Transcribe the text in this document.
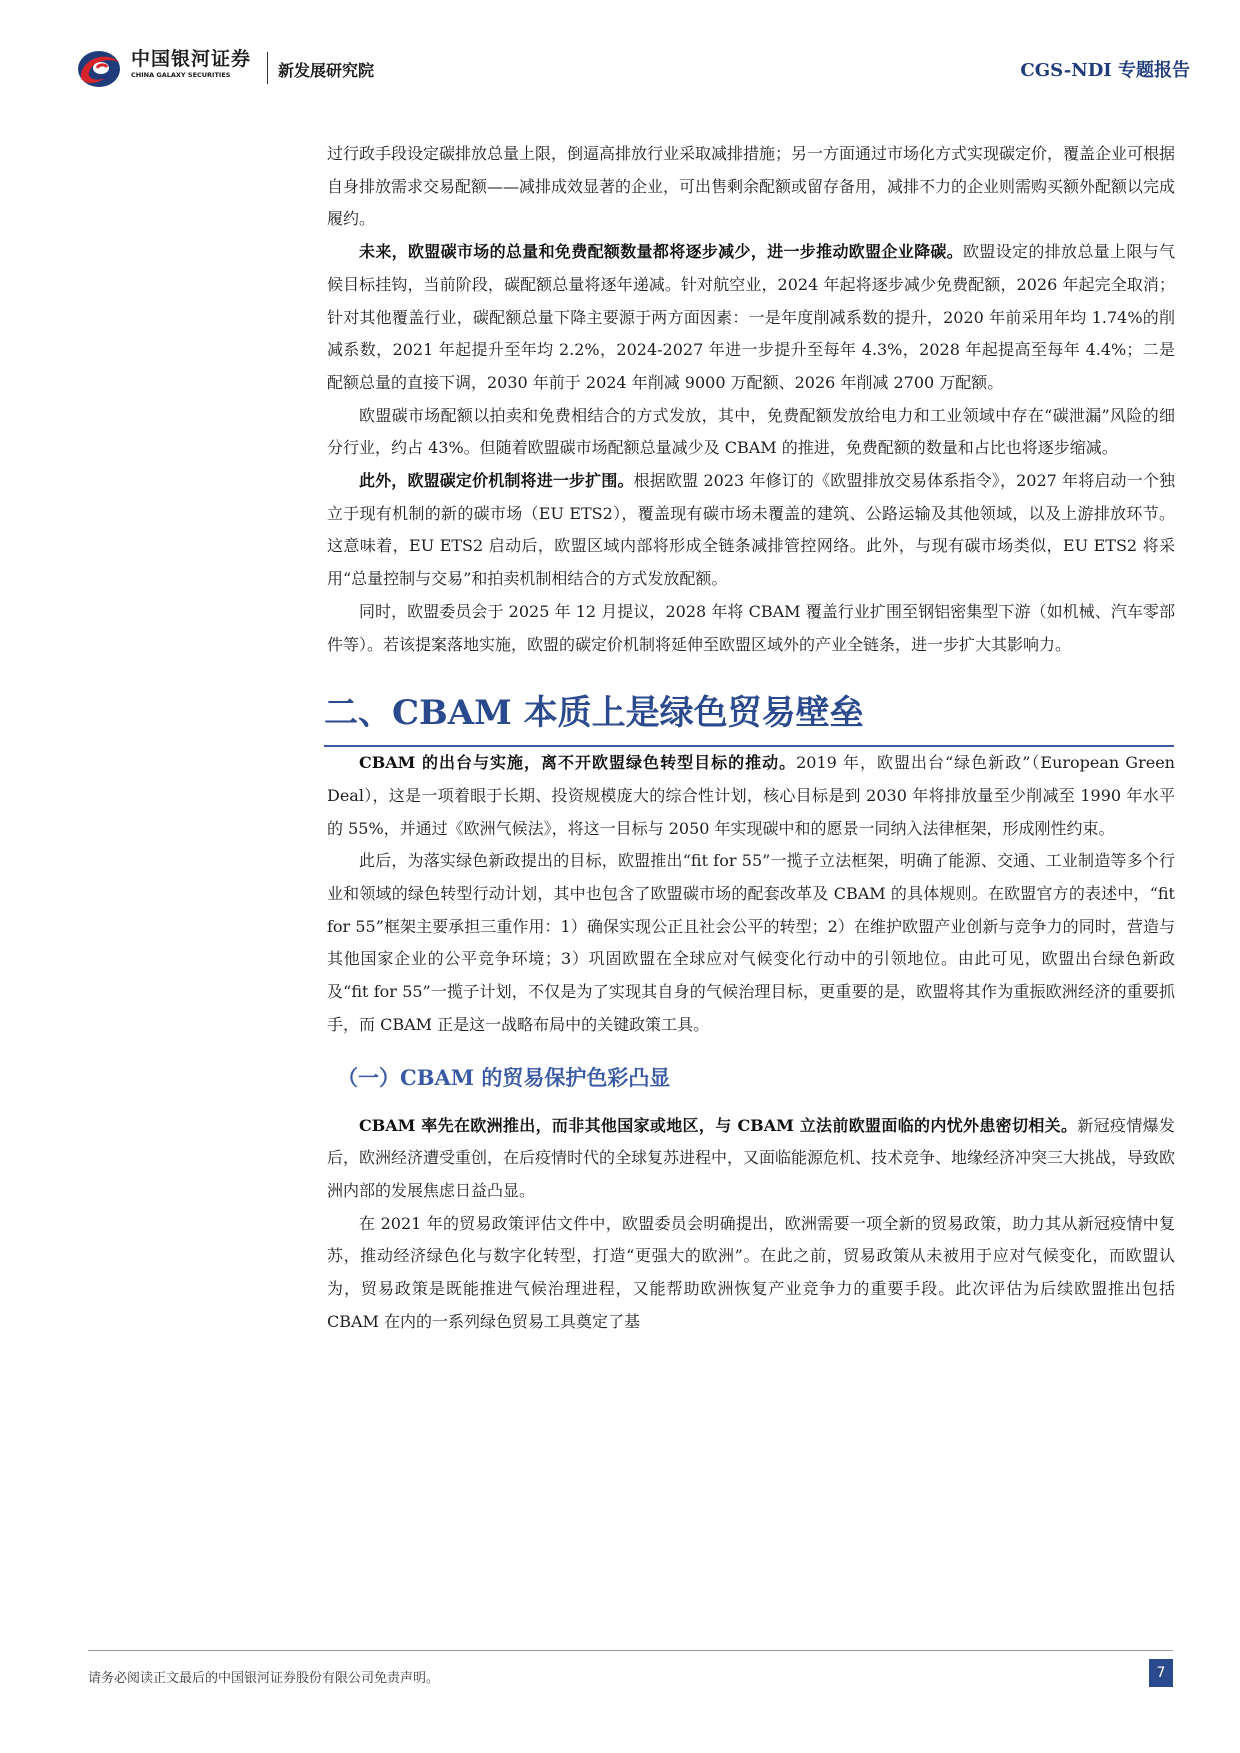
中国银河证券
CHINA GALAXY SECURITIES	新发展研究院	CGS-NDI 专题报告

过行政手段设定碳排放总量上限，倒逼高排放行业采取减排措施；另一方面通过市场化方式实现碳定价，覆盖企业可根据自身排放需求交易配额——减排成效显著的企业，可出售剩余配额或留存备用，减排不力的企业则需购买额外配额以完成履约。

未来，欧盟碳市场的总量和免费配额数量都将逐步减少，进一步推动欧盟企业降碳。欧盟设定的排放总量上限与气候目标挂钩，当前阶段，碳配额总量将逐年递减。针对航空业，2024 年起将逐步减少免费配额，2026 年起完全取消；针对其他覆盖行业，碳配额总量下降主要源于两方面因素：一是年度削减系数的提升，2020 年前采用年均 1.74%的削减系数，2021 年起提升至年均 2.2%，2024-2027 年进一步提升至每年 4.3%，2028 年起提高至每年 4.4%；二是配额总量的直接下调，2030 年前于 2024 年削减 9000 万配额、2026 年削减 2700 万配额。

欧盟碳市场配额以拍卖和免费相结合的方式发放，其中，免费配额发放给电力和工业领域中存在“碳泄漏”风险的细分行业，约占 43%。但随着欧盟碳市场配额总量减少及 CBAM 的推进，免费配额的数量和占比也将逐步缩减。

此外，欧盟碳定价机制将进一步扩围。根据欧盟 2023 年修订的《欧盟排放交易体系指令》，2027 年将启动一个独立于现有机制的新的碳市场（EU ETS2），覆盖现有碳市场未覆盖的建筑、公路运输及其他领域，以及上游排放环节。这意味着，EU ETS2 启动后，欧盟区域内部将形成全链条减排管控网络。此外，与现有碳市场类似，EU ETS2 将采用“总量控制与交易”和拍卖机制相结合的方式发放配额。

同时，欧盟委员会于 2025 年 12 月提议，2028 年将 CBAM 覆盖行业扩围至钢铝密集型下游（如机械、汽车零部件等）。若该提案落地实施，欧盟的碳定价机制将延伸至欧盟区域外的产业全链条，进一步扩大其影响力。

二、CBAM 本质上是绿色贸易壁垒

CBAM 的出台与实施，离不开欧盟绿色转型目标的推动。2019 年，欧盟出台“绿色新政”（European Green Deal），这是一项着眼于长期、投资规模庞大的综合性计划，核心目标是到 2030 年将排放量至少削减至 1990 年水平的 55%，并通过《欧洲气候法》，将这一目标与 2050 年实现碳中和的愿景一同纳入法律框架，形成刚性约束。

此后，为落实绿色新政提出的目标，欧盟推出“fit for 55”一揽子立法框架，明确了能源、交通、工业制造等多个行业和领域的绿色转型行动计划，其中也包含了欧盟碳市场的配套改革及 CBAM 的具体规则。在欧盟官方的表述中，“fit for 55”框架主要承担三重作用：1）确保实现公正且社会公平的转型；2）在维护欧盟产业创新与竞争力的同时，营造与其他国家企业的公平竞争环境；3）巩固欧盟在全球应对气候变化行动中的引领地位。由此可见，欧盟出台绿色新政及“fit for 55”一揽子计划，不仅是为了实现其自身的气候治理目标，更重要的是，欧盟将其作为重振欧洲经济的重要抓手，而 CBAM 正是这一战略布局中的关键政策工具。

（一）CBAM 的贸易保护色彩凸显

CBAM 率先在欧洲推出，而非其他国家或地区，与 CBAM 立法前欧盟面临的内忧外患密切相关。新冠疫情爆发后，欧洲经济遭受重创，在后疫情时代的全球复苏进程中，又面临能源危机、技术竞争、地缘经济冲突三大挑战，导致欧洲内部的发展焦虑日益凸显。

在 2021 年的贸易政策评估文件中，欧盟委员会明确提出，欧洲需要一项全新的贸易政策，助力其从新冠疫情中复苏，推动经济绿色化与数字化转型，打造“更强大的欧洲”。在此之前，贸易政策从未被用于应对气候变化，而欧盟认为，贸易政策是既能推进气候治理进程，又能帮助欧洲恢复产业竞争力的重要手段。此次评估为后续欧盟推出包括 CBAM 在内的一系列绿色贸易工具奠定了基

请务必阅读正文最后的中国银河证券股份有限公司免责声明。	7
